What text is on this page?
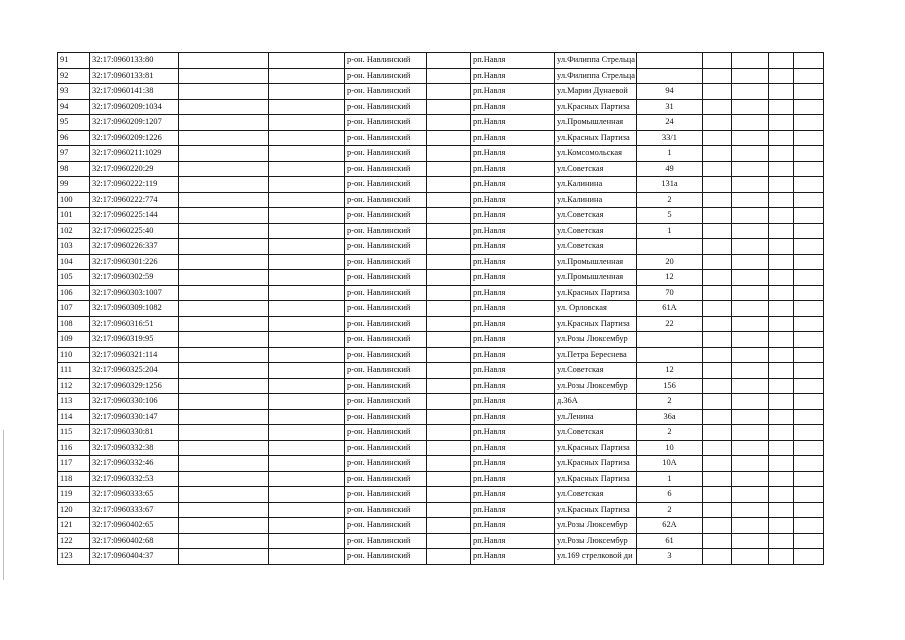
91	32:17:0960133:80			р-он. Навлинский		рп.Навля	ул.Филиппа Стрельца					
92	32:17:0960133:81			р-он. Навлинский		рп.Навля	ул.Филиппа Стрельца					
93	32:17:0960141:38			р-он. Навлинский		рп.Навля	ул.Марии Дунаевой	94				
94	32:17:0960209:1034			р-он. Навлинский		рп.Навля	ул.Красных Партиза	31				
95	32:17:0960209:1207			р-он. Навлинский		рп.Навля	ул.Промышленная	24				
96	32:17:0960209:1226			р-он. Навлинский		рп.Навля	ул.Красных Партиза	33/1				
97	32:17:0960211:1029			р-он. Навлинский		рп.Навля	ул.Комсомольская	1				
98	32:17:0960220:29			р-он. Навлинский		рп.Навля	ул.Советская	49				
99	32:17:0960222:119			р-он. Навлинский		рп.Навля	ул.Калинина	131а				
100	32:17:0960222:774			р-он. Навлинский		рп.Навля	ул.Калинина	2				
101	32:17:0960225:144			р-он. Навлинский		рп.Навля	ул.Советская	5				
102	32:17:0960225:40			р-он. Навлинский		рп.Навля	ул.Советская	1				
103	32:17:0960226:337			р-он. Навлинский		рп.Навля	ул.Советская					
104	32:17:0960301:226			р-он. Навлинский		рп.Навля	ул.Промышленная	20				
105	32:17:0960302:59			р-он. Навлинский		рп.Навля	ул.Промышленная	12				
106	32:17:0960303:1007			р-он. Навлинский		рп.Навля	ул.Красных Партиза	70				
107	32:17:0960309:1082			р-он. Навлинский		рп.Навля	ул. Орловская	61А				
108	32:17:0960316:51			р-он. Навлинский		рп.Навля	ул.Красных Партиза	22				
109	32:17:0960319:95			р-он. Навлинский		рп.Навля	ул.Розы Люксембур					
110	32:17:0960321:114			р-он. Навлинский		рп.Навля	ул.Петра Береснева					
111	32:17:0960325:204			р-он. Навлинский		рп.Навля	ул.Советская	12				
112	32:17:0960329:1256			р-он. Навлинский		рп.Навля	ул.Розы Люксембур	156				
113	32:17:0960330:106			р-он. Навлинский		рп.Навля	д.36А	2				
114	32:17:0960330:147			р-он. Навлинский		рп.Навля	ул.Ленина	36а				
115	32:17:0960330:81			р-он. Навлинский		рп.Навля	ул.Советская	2				
116	32:17:0960332:38			р-он. Навлинский		рп.Навля	ул.Красных Партиза	10				
117	32:17:0960332:46			р-он. Навлинский		рп.Навля	ул.Красных Партиза	10А				
118	32:17:0960332:53			р-он. Навлинский		рп.Навля	ул.Красных Партиза	1				
119	32:17:0960333:65			р-он. Навлинский		рп.Навля	ул.Советская	6				
120	32:17:0960333:67			р-он. Навлинский		рп.Навля	ул.Красных Партиза	2				
121	32:17:0960402:65			р-он. Навлинский		рп.Навля	ул.Розы Люксембур	62А				
122	32:17:0960402:68			р-он. Навлинский		рп.Навля	ул.Розы Люксембур	61				
123	32:17:0960404:37			р-он. Навлинский		рп.Навля	ул.169 стрелковой ди	3				
